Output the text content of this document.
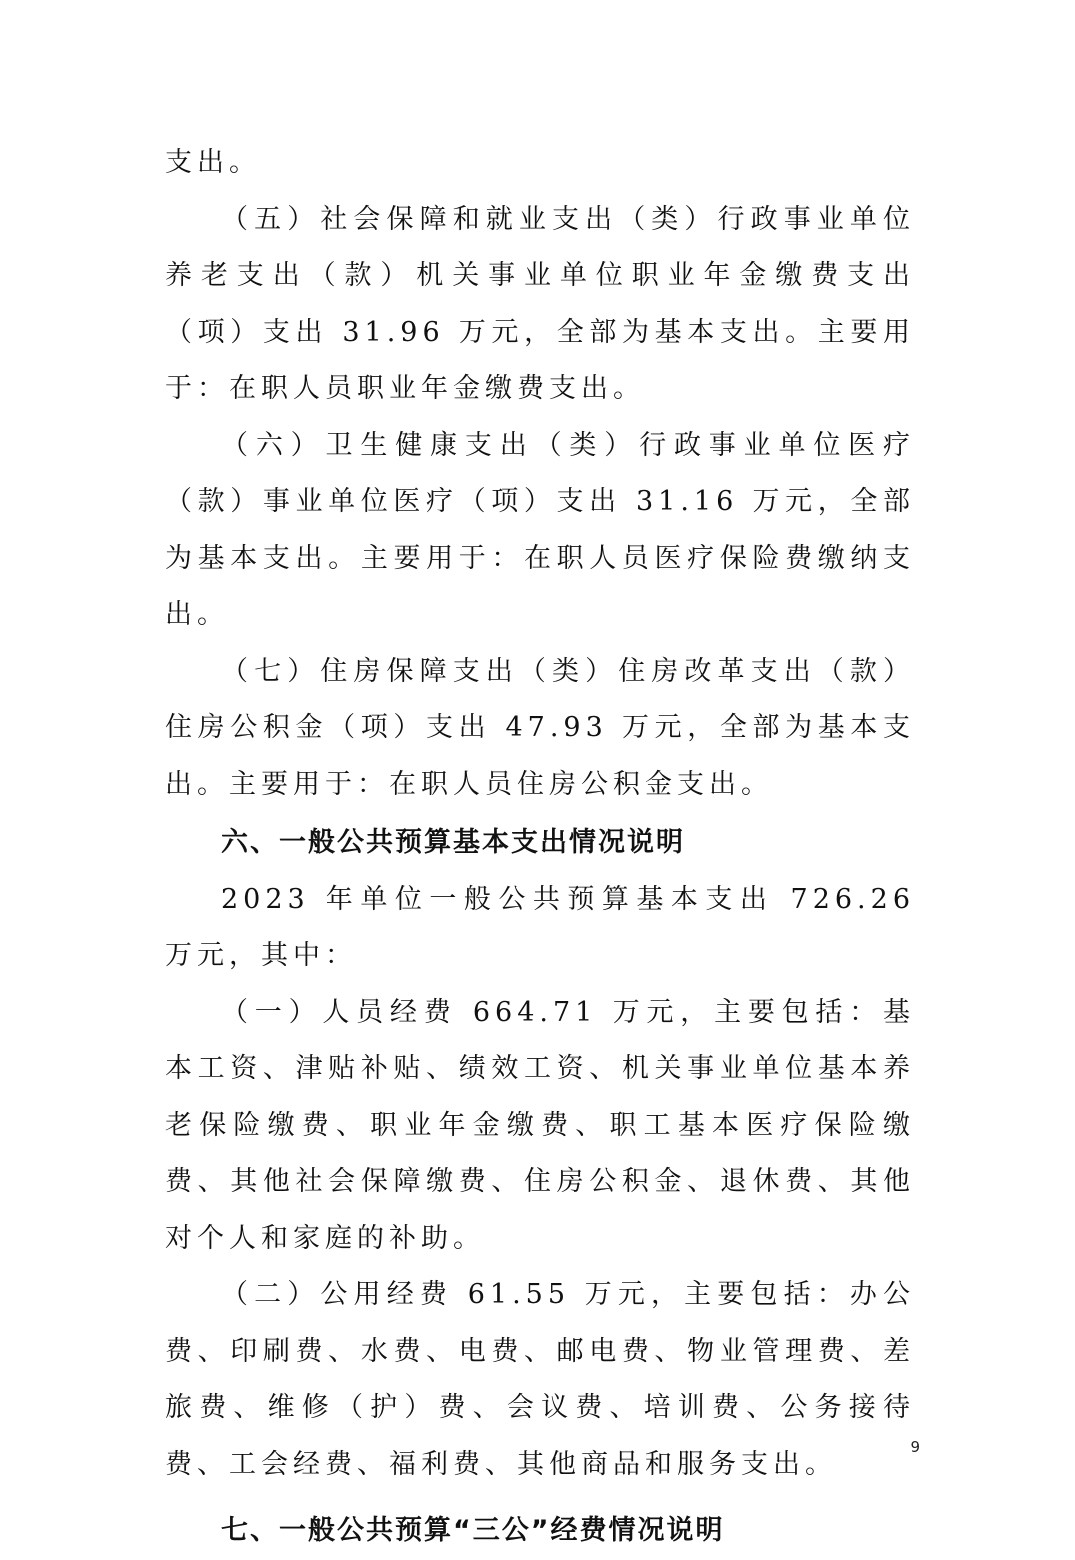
支出。

（五）社会保障和就业支出（类）行政事业单位养老支出（款）机关事业单位职业年金缴费支出（项）支出 31.96 万元，全部为基本支出。主要用于：在职人员职业年金缴费支出。

（六）卫生健康支出（类）行政事业单位医疗（款）事业单位医疗（项）支出 31.16 万元，全部为基本支出。主要用于：在职人员医疗保险费缴纳支出。

（七）住房保障支出（类）住房改革支出（款）住房公积金（项）支出 47.93 万元，全部为基本支出。主要用于：在职人员住房公积金支出。

六、一般公共预算基本支出情况说明

2023 年单位一般公共预算基本支出 726.26 万元，其中：

（一）人员经费 664.71 万元，主要包括：基本工资、津贴补贴、绩效工资、机关事业单位基本养老保险缴费、职业年金缴费、职工基本医疗保险缴费、其他社会保障缴费、住房公积金、退休费、其他对个人和家庭的补助。

（二）公用经费 61.55 万元，主要包括：办公费、印刷费、水费、电费、邮电费、物业管理费、差旅费、维修（护）费、会议费、培训费、公务接待费、工会经费、福利费、其他商品和服务支出。

七、一般公共预算“三公”经费情况说明
9
